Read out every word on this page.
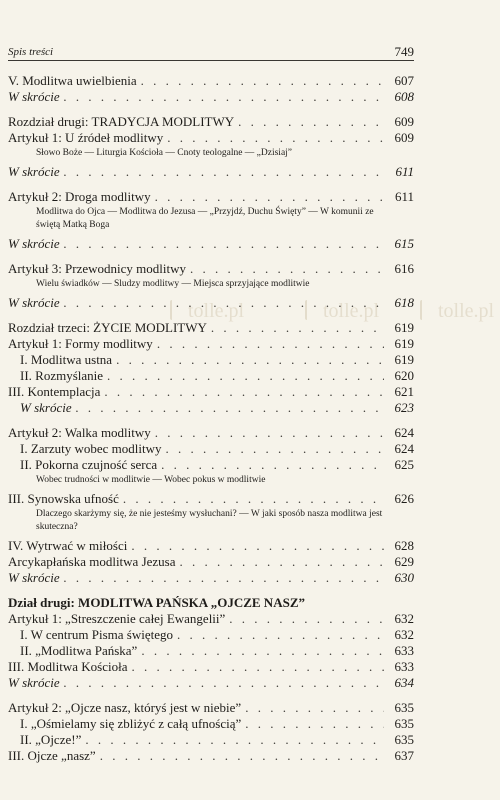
Spis treści	749
tolle.pl	tolle.pl	tolle.pl
V. Modlitwa uwielbienia . . .	607
W skrócie . . .	608
Rozdział drugi: TRADYCJA MODLITWY . . .	609
Artykuł 1: U źródeł modlitwy . . .	609
Słowo Boże — Liturgia Kościoła — Cnoty teologalne — „Dzisiaj”
W skrócie . . .	611
Artykuł 2: Droga modlitwy . . .	611
Modlitwa do Ojca — Modlitwa do Jezusa — „Przyjdź, Duchu Święty” — W komunii ze świętą Matką Boga
W skrócie . . .	615
Artykuł 3: Przewodnicy modlitwy . . .	616
Wielu świadków — Sludzy modlitwy — Miejsca sprzyjające modlitwie
W skrócie . . .	618
Rozdział trzeci: ŻYCIE MODLITWY . . .	619
Artykuł 1: Formy modlitwy . . .	619
I. Modlitwa ustna . . .	619
II. Rozmyślanie . . .	620
III. Kontemplacja . . .	621
W skrócie . . .	623
Artykuł 2: Walka modlitwy . . .	624
I. Zarzuty wobec modlitwy . . .	624
II. Pokorna czujność serca . . .	625
Wobec trudności w modlitwie — Wobec pokus w modlitwie
III. Synowska ufność . . .	626
Dlaczego skarżymy się, że nie jesteśmy wysłuchani? — W jaki sposób nasza modlitwa jest skuteczna?
IV. Wytrwać w miłości . . .	628
Arcykapłańska modlitwa Jezusa . . .	629
W skrócie . . .	630
Dział drugi: MODLITWA PAŃSKA „OJCZE NASZ”
Artykuł 1: „Streszczenie całej Ewangelii” . . .	632
I. W centrum Pisma świętego . . .	632
II. „Modlitwa Pańska” . . .	633
III. Modlitwa Kościoła . . .	633
W skrócie . . .	634
Artykuł 2: „Ojcze nasz, któryś jest w niebie” . . .	635
I. „Ośmielamy się zbliżyć z całą ufnością” . . .	635
II. „Ojcze!” . . .	635
III. Ojcze „nasz” . . .	637
